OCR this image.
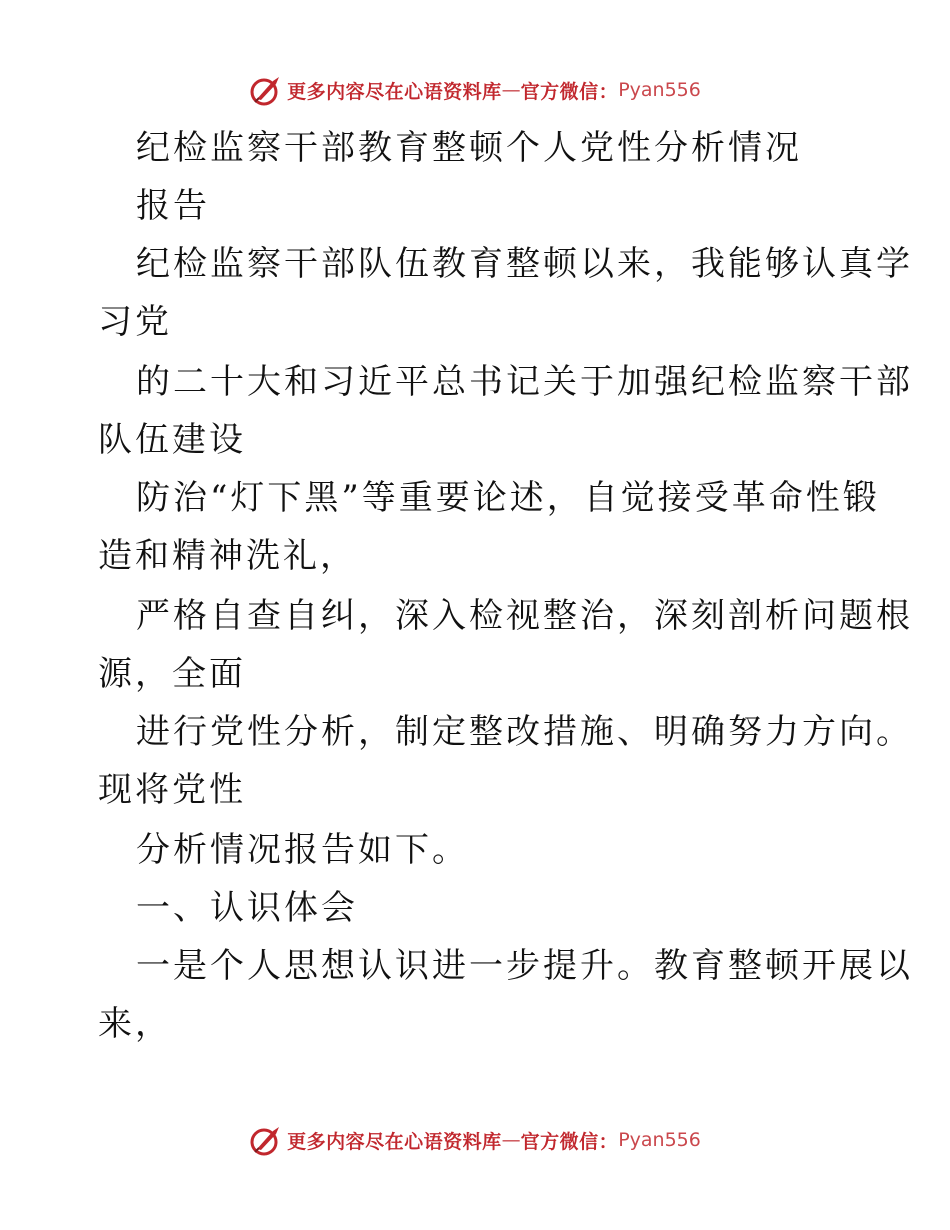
更多内容尽在心语资料库 — 官方微信： Pyan556
纪检监察干部教育整顿个人党性分析情况
报告
纪检监察干部队伍教育整顿以来，我能够认真学
习党
的二十大和习近平总书记关于加强纪检监察干部
队伍建设
防治“灯下黑”等重要论述，自觉接受革命性锻
造和精神洗礼，
严格自查自纠，深入检视整治，深刻剖析问题根
源，全面
进行党性分析，制定整改措施、明确努力方向。
现将党性
分析情况报告如下。
一、认识体会
一是个人思想认识进一步提升。教育整顿开展以
来，
更多内容尽在心语资料库 — 官方微信： Pyan556
